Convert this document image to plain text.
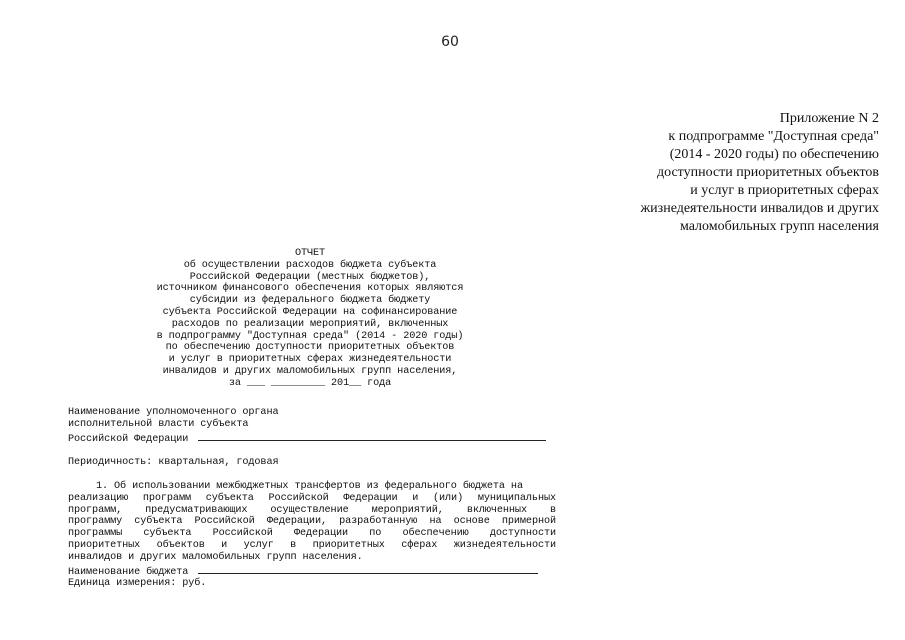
60
Приложение N 2
к подпрограмме "Доступная среда"
(2014 - 2020 годы) по обеспечению
доступности приоритетных объектов
и услуг в приоритетных сферах
жизнедеятельности инвалидов и других
маломобильных групп населения
ОТЧЕТ
об осуществлении расходов бюджета субъекта
Российской Федерации (местных бюджетов),
источником финансового обеспечения которых являются
субсидии из федерального бюджета бюджету
субъекта Российской Федерации на софинансирование
расходов по реализации мероприятий, включенных
в подпрограмму "Доступная среда" (2014 - 2020 годы)
по обеспечению доступности приоритетных объектов
и услуг в приоритетных сферах жизнедеятельности
инвалидов и других маломобильных групп населения,
за ___ _________ 201__ года
Наименование уполномоченного органа
исполнительной власти субъекта
Российской Федерации
Периодичность: квартальная, годовая
1. Об использовании межбюджетных трансфертов из федерального бюджета на
реализацию программ субъекта Российской Федерации и (или) муниципальных
программ, предусматривающих осуществление мероприятий, включенных в
программу субъекта Российской Федерации, разработанную на основе примерной
программы субъекта Российской Федерации по обеспечению доступности
приоритетных объектов и услуг в приоритетных сферах жизнедеятельности
инвалидов и других маломобильных групп населения.
Наименование бюджета
Единица измерения: руб.
